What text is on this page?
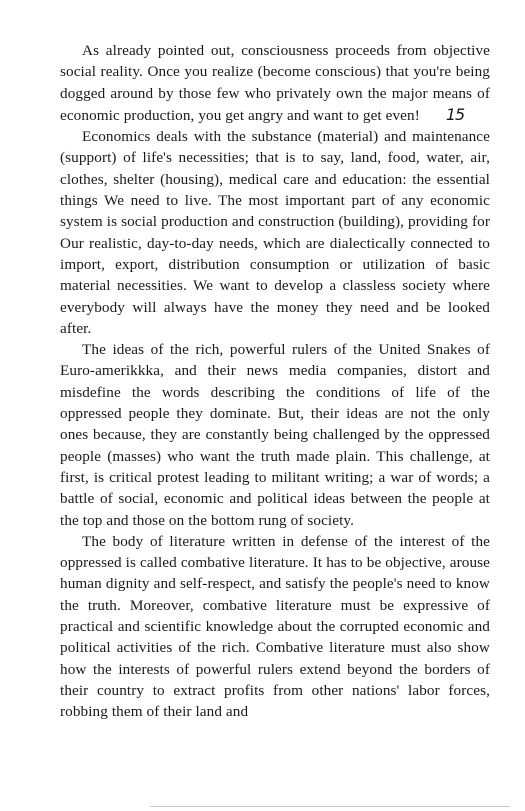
As already pointed out, consciousness proceeds from objective social reality. Once you realize (become conscious) that you're being dogged around by those few who privately own the major means of economic production, you get angry and want to get even! 15

Economics deals with the substance (material) and maintenance (support) of life's necessities; that is to say, land, food, water, air, clothes, shelter (housing), medical care and education: the essential things We need to live. The most important part of any economic system is social production and construction (building), providing for Our realistic, day-to-day needs, which are dialectically connected to import, export, distribution consumption or utilization of basic material necessities. We want to develop a classless society where everybody will always have the money they need and be looked after.

The ideas of the rich, powerful rulers of the United Snakes of Euro-amerikkka, and their news media companies, distort and misdefine the words describing the conditions of life of the oppressed people they dominate. But, their ideas are not the only ones because, they are constantly being challenged by the oppressed people (masses) who want the truth made plain. This challenge, at first, is critical protest leading to militant writing; a war of words; a battle of social, economic and political ideas between the people at the top and those on the bottom rung of society.

The body of literature written in defense of the interest of the oppressed is called combative literature. It has to be objective, arouse human dignity and self-respect, and satisfy the people's need to know the truth. Moreover, combative literature must be expressive of practical and scientific knowledge about the corrupted economic and political activities of the rich. Combative literature must also show how the interests of powerful rulers extend beyond the borders of their country to extract profits from other nations' labor forces, robbing them of their land and
